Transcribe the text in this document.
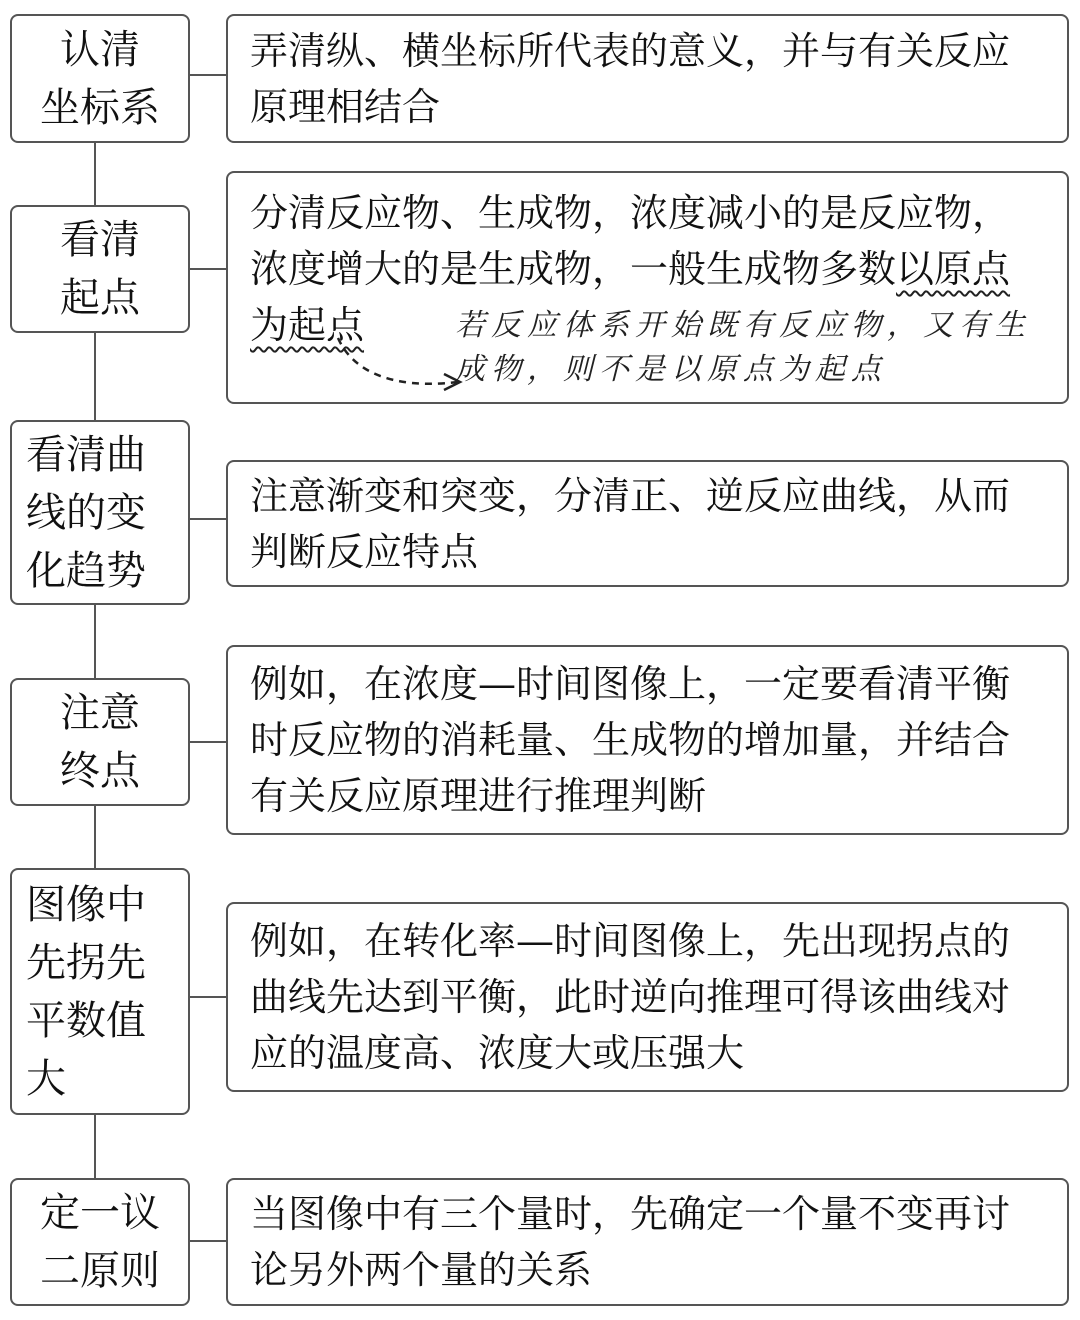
认清
坐标系
弄清纵、横坐标所代表的意义，并与有关反应原理相结合
看清
起点
分清反应物、生成物，浓度减小的是反应物，浓度增大的是生成物，一般生成物多数以原点为起点	若反应体系开始既有反应物，又有生成物，则不是以原点为起点
看清曲
线的变
化趋势
注意渐变和突变，分清正、逆反应曲线，从而判断反应特点
注意
终点
例如，在浓度—时间图像上，一定要看清平衡时反应物的消耗量、生成物的增加量，并结合有关反应原理进行推理判断
图像中
先拐先
平数值
大
例如，在转化率—时间图像上，先出现拐点的曲线先达到平衡，此时逆向推理可得该曲线对应的温度高、浓度大或压强大
定一议
二原则
当图像中有三个量时，先确定一个量不变再讨论另外两个量的关系
